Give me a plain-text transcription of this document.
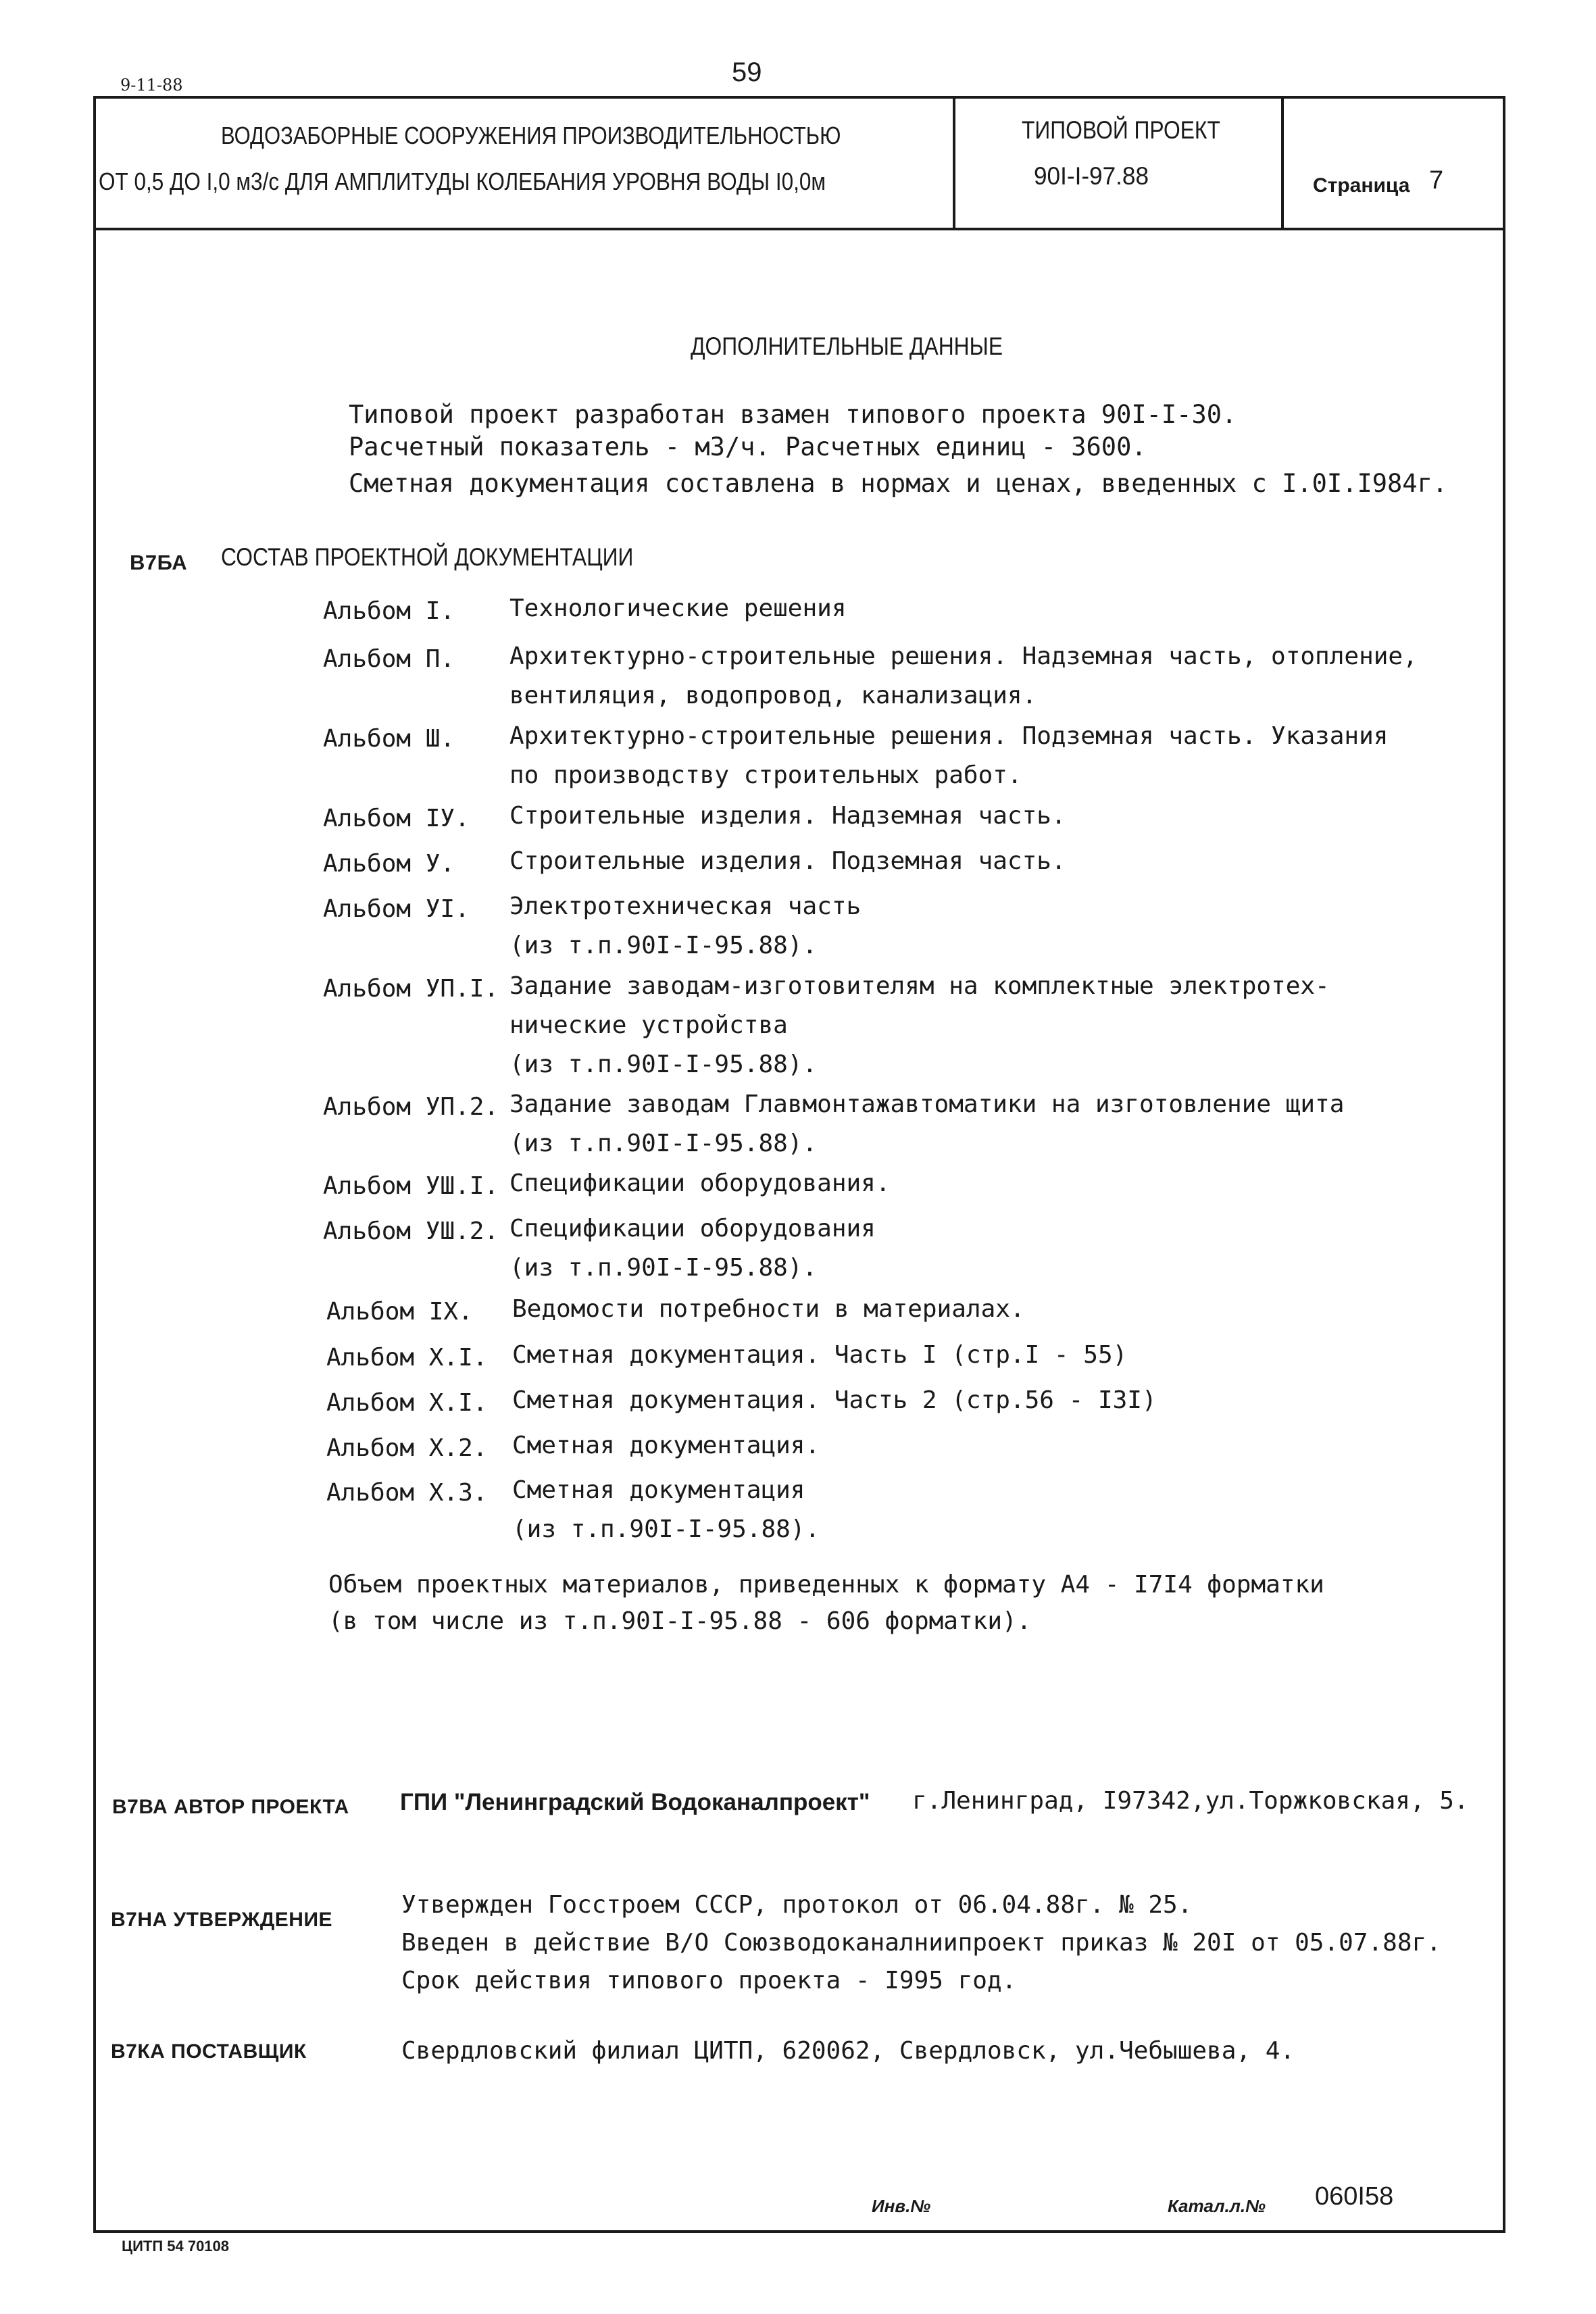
9-11-88	59
ВОДОЗАБОРНЫЕ СООРУЖЕНИЯ ПРОИЗВОДИТЕЛЬНОСТЬЮ
ОТ 0,5 ДО I,0 м3/с ДЛЯ АМПЛИТУДЫ КОЛЕБАНИЯ УРОВНЯ ВОДЫ I0,0м
ТИПОВОЙ ПРОЕКТ
90I-I-97.88	Страница 7
ДОПОЛНИТЕЛЬНЫЕ ДАННЫЕ
Типовой проект разработан взамен типового проекта 90I-I-30.
Расчетный показатель - м3/ч. Расчетных единиц - 3600.
Сметная документация составлена в нормах и ценах, введенных с I.0I.I984г.
В7БА СОСТАВ ПРОЕКТНОЙ ДОКУМЕНТАЦИИ
Альбом I. Технологические решения
Альбом П. Архитектурно-строительные решения. Надземная часть, отопление,
вентиляция, водопровод, канализация.
Альбом Ш. Архитектурно-строительные решения. Подземная часть. Указания
по производству строительных работ.
Альбом IУ. Строительные изделия. Надземная часть.
Альбом У. Строительные изделия. Подземная часть.
Альбом УI. Электротехническая часть
(из т.п.90I-I-95.88).
Альбом УП.I. Задание заводам-изготовителям на комплектные электротех-
нические устройства
(из т.п.90I-I-95.88).
Альбом УП.2. Задание заводам Главмонтажавтоматики на изготовление щита
(из т.п.90I-I-95.88).
Альбом УШ.I. Спецификации оборудования.
Альбом УШ.2. Спецификации оборудования
(из т.п.90I-I-95.88).
Альбом IX. Ведомости потребности в материалах.
Альбом X.I. Сметная документация. Часть I (стр.I - 55)
Альбом X.I. Сметная документация. Часть 2 (стр.56 - I3I)
Альбом X.2. Сметная документация.
Альбом X.3. Сметная документация
(из т.п.90I-I-95.88).
Объем проектных материалов, приведенных к формату А4 - I7I4 форматки
(в том числе из т.п.90I-I-95.88 - 606 форматки).
В7ВА АВТОР ПРОЕКТА ГПИ "Ленинградский Водоканалпроект" г.Ленинград, I97342,ул.Торжковская, 5.
В7НА УТВЕРЖДЕНИЕ
Утвержден Госстроем СССР, протокол от 06.04.88г. № 25.
Введен в действие В/О Союзводоканалниипроект приказ № 20I от 05.07.88г.
Срок действия типового проекта - I995 год.
В7КА ПОСТАВЩИК	Свердловский филиал ЦИТП, 620062, Свердловск, ул.Чебышева, 4.
Инв.№	Катал.л.№ 060I58
ЦИТП 54 70108
